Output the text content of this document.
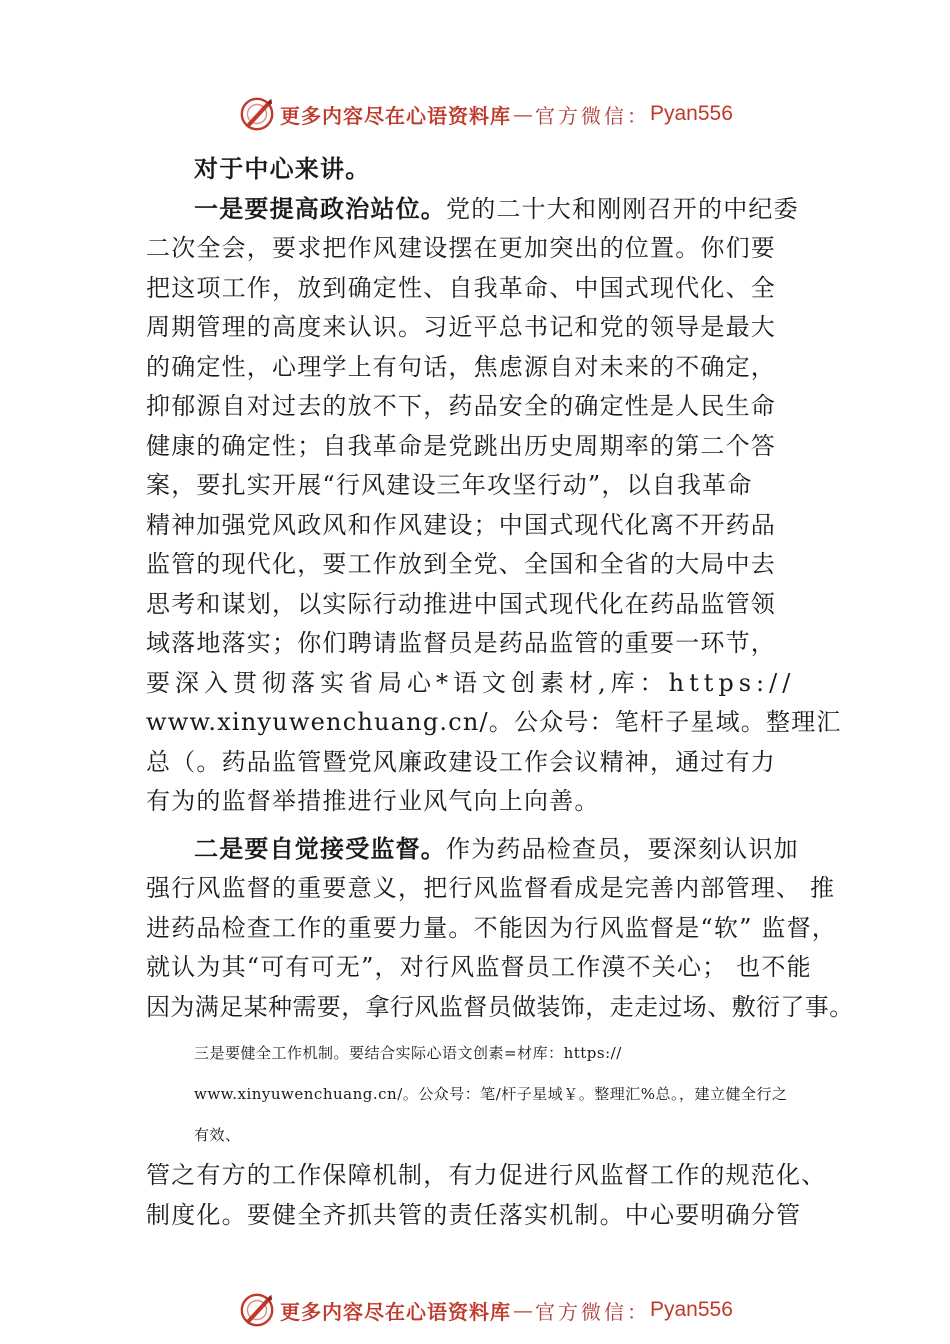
更多内容尽在心语资料库 — 官方微信： Pyan556
对于中心来讲。
一是要提高政治站位。党的二十大和刚刚召开的中纪委
二次全会，要求把作风建设摆在更加突出的位置。你们要
把这项工作，放到确定性、自我革命、中国式现代化、全
周期管理的高度来认识。习近平总书记和党的领导是最大
的确定性，心理学上有句话，焦虑源自对未来的不确定，
抑郁源自对过去的放不下，药品安全的确定性是人民生命
健康的确定性；自我革命是党跳出历史周期率的第二个答
案，要扎实开展“行风建设三年攻坚行动”，以自我革命
精神加强党风政风和作风建设；中国式现代化离不开药品
监管的现代化，要工作放到全党、全国和全省的大局中去
思考和谋划，以实际行动推进中国式现代化在药品监管领
域落地落实；你们聘请监督员是药品监管的重要一环节，
要深入贯彻落实省局心*语文创素材,库：https://
www.xinyuwenchuang.cn/。公众号：笔杆子星域。整理汇
总（。药品监管暨党风廉政建设工作会议精神，通过有力
有为的监督举措推进行业风气向上向善。
二是要自觉接受监督。作为药品检查员，要深刻认识加
强行风监督的重要意义，把行风监督看成是完善内部管理、 推
进药品检查工作的重要力量。不能因为行风监督是“软” 监督，
就认为其“可有可无”，对行风监督员工作漠不关心； 也不能
因为满足某种需要，拿行风监督员做装饰，走走过场、敷衍了事。
三是要健全工作机制。要结合实际心语文创素=材库：https://
www.xinyuwenchuang.cn/。公众号：笔/杆子星域￥。整理汇%总。，建立健全行之
有效、
管之有方的工作保障机制，有力促进行风监督工作的规范化、
制度化。要健全齐抓共管的责任落实机制。中心要明确分管
更多内容尽在心语资料库 — 官方微信： Pyan556
